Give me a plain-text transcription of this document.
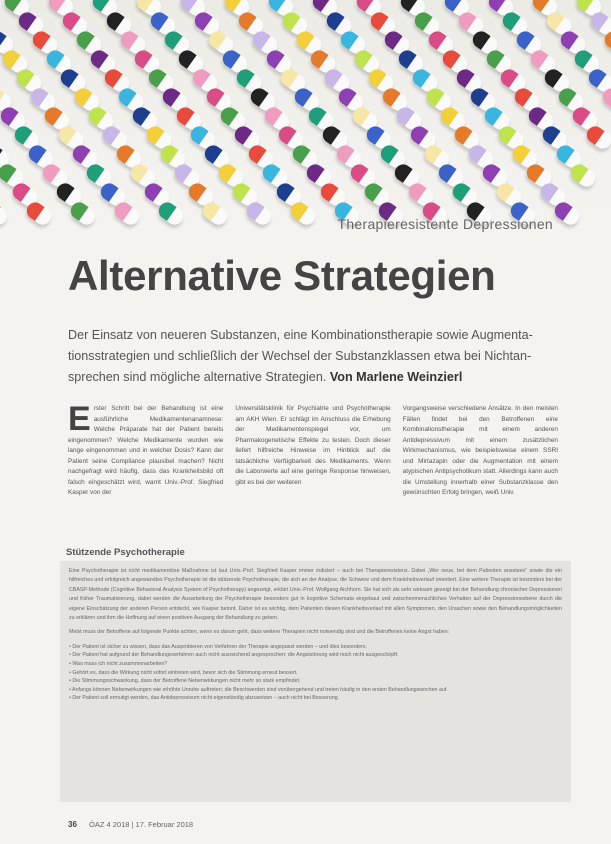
Therapieresistente Depressionen
Alternative Strategien

Der Einsatz von neueren Substanzen, eine Kombinationstherapie sowie Augmenta-tionsstrategien und schließlich der Wechsel der Substanzklassen etwa bei Nichtan-sprechen sind mögliche alternative Strategien. Von Marlene Weinzierl

Erster Schritt bei der Behandlung ist eine ausführliche Medikamentenanamnese: Welche Präparate hat der Patient bereits eingenommen? Welche Medikamente wurden wie lange eingenommen und in welcher Dosis? Kann der Patient seine Compliance plausibel machen? Nicht nachgefragt wird häufig, dass das Krankheitsbild oft falsch eingeschätzt wird, warnt Univ.-Prof. Siegfried Kasper von der

Universitätsklinik für Psychiatrie und Psychotherapie am AKH Wien. Er schlägt im Anschluss die Erhebung der Medikamentenspiegel vor, um Pharmakogenetische Effekte zu testen. Doch dieser liefert hilfreiche Hinweise im Hinblick auf die tatsächliche Verfügbarkeit des Medikaments. Wenn die Laborwerte auf eine geringe Response hinweisen, gibt es bei der weiteren

Vorgangsweise verschiedene Ansätze. In den meisten Fällen findet bei den Betroffenen eine Kombinationstherapie mit einem anderen Antidepressivum mit einem zusätzlichen Wirkmechanismus, wie beispielsweise einem SSRI und Mirtazapin oder die Augmentation mit einem atypischen Antipsychotikum statt. Allerdings kann auch die Umstellung innerhalb einer Substanzklasse den gewünschten Erfolg bringen, weiß Univ.

Stützende Psychotherapie

Eine Psychotherapie ist nicht medikamentöse Maßnahme ist laut Univ.-Prof. Siegfried Kasper immer indiziert – auch bei Therapieresistenz. Dabei „Wer neue, bei dem Patienten ansetzen“ sowie die ein hilfreiches und erfolgreich angewandtes Psychotherapie ist die stützende Psychotherapie, die sich an der Analyse, die Schwere und dem Krankheitsverlauf orientiert. Eine weitere Therapie ist besonders bei der CBASP-Methode (Cognitive Behavioral Analysis System of Psychotherapy) angezeigt, erklärt Univ.-Prof. Wolfgang Aichhorn. Sie hat sich als sehr wirksam gezeigt bei der Behandlung chronischer Depressionen und früher Traumatisierung, dabei werden die Ausarbeitung der Psychotherapie besonders gut in kognitive Schemata eingebaut und zwischenmenschliches Verhalten auf der Depressionsebene durch die eigene Einschätzung der anderen Person entdeckt, wie Kasper betont. Daher ist es wichtig, dem Patienten diesen Krankheitsverlauf mit allen Symptomen, den Ursachen sowie den Behandlungsmöglichkeiten zu erklären und ihm die Hoffnung auf einen positiven Ausgang der Behandlung zu geben.

Meist muss der Betroffene auf folgende Punkte achten, wenn es darum geht, dass weitere Therapien nicht notwendig sind und die Betroffenen keine Angst haben:

• Der Patient ist sicher zu wissen, dass das Ausprobieren von Verfahren der Therapie angepasst werden – und dies besonders.
• Der Patient hat aufgrund der Behandlungsverfahren auch nicht ausreichend angesprochen; die Angststörung wird noch nicht ausgeschöpft.
• Was muss ich nicht zusammenarbeiten?
• Gehört es, dass die Wirkung nicht sofort eintreten wird, bevor sich die Stimmung erneut bessert.
• Die Stimmungsschwankung, dass der Betroffene Nebenwirkungen nicht mehr so stark empfindet.
• Anfangs können Nebenwirkungen wie erhöhte Unruhe auftreten; die Beschwerden sind vorübergehend und treten häufig in den ersten Behandlungswochen auf.
• Der Patient soll ermutigt werden, das Antidepressivum nicht eigenständig abzusetzen – auch nicht bei Besserung.
36 ÖAZ 4 2018 | 17. Februar 2018
